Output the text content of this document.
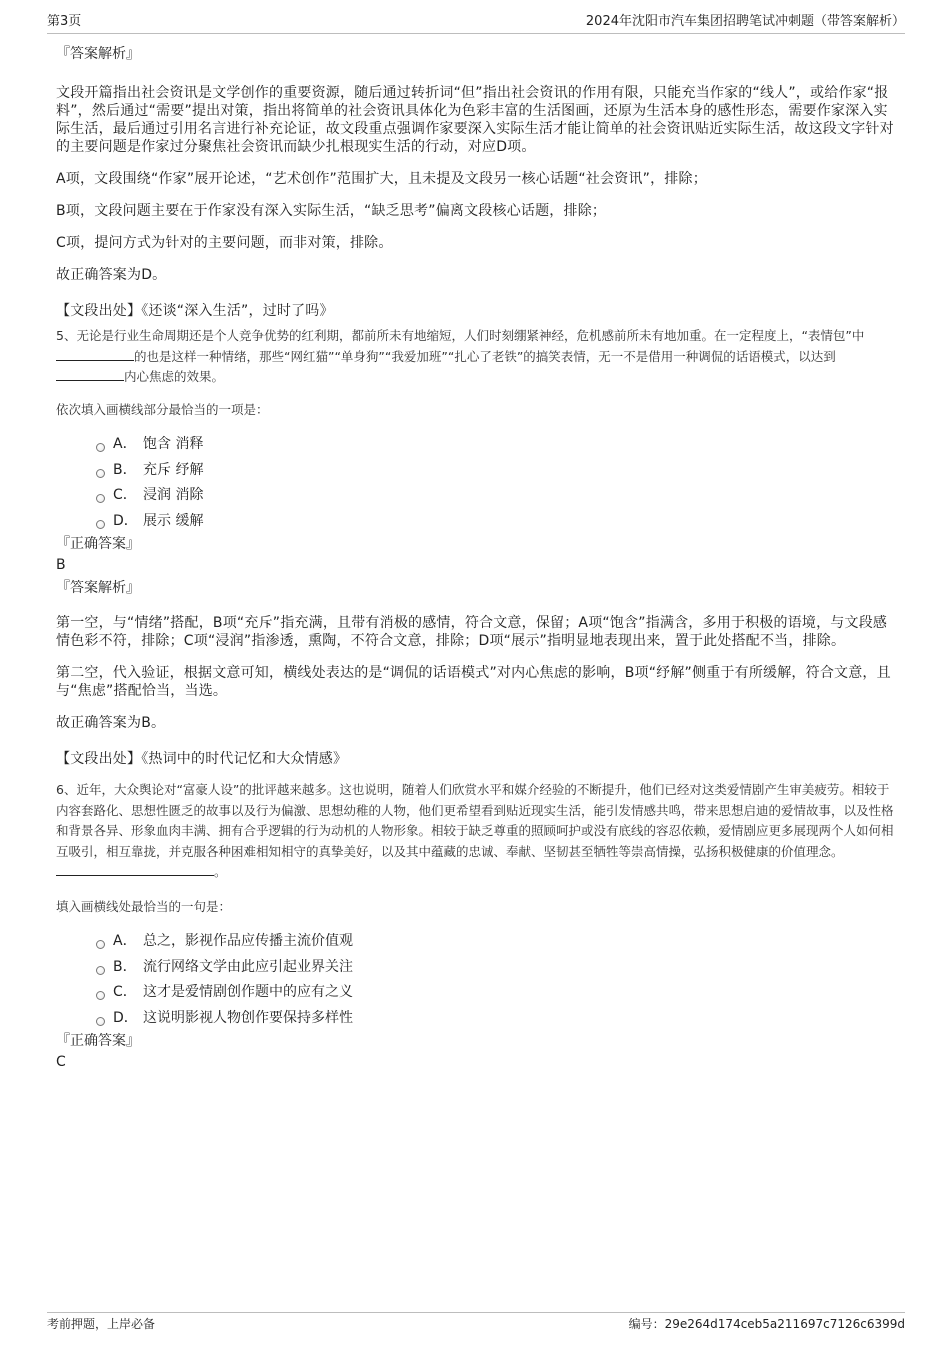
第3页	2024年沈阳市汽车集团招聘笔试冲刺题（带答案解析）
『答案解析』

文段开篇指出社会资讯是文学创作的重要资源，随后通过转折词“但”指出社会资讯的作用有限，只能充当作家的“线人”，或给作家“报料”，然后通过“需要”提出对策，指出将简单的社会资讯具体化为色彩丰富的生活图画，还原为生活本身的感性形态，需要作家深入实际生活，最后通过引用名言进行补充论证，故文段重点强调作家要深入实际生活才能让简单的社会资讯贴近实际生活，故这段文字针对的主要问题是作家过分聚焦社会资讯而缺少扎根现实生活的行动，对应D项。

A项，文段围绕“作家”展开论述，“艺术创作”范围扩大，且未提及文段另一核心话题“社会资讯”，排除；

B项，文段问题主要在于作家没有深入实际生活，“缺乏思考”偏离文段核心话题，排除；

C项，提问方式为针对的主要问题，而非对策，排除。

故正确答案为D。

【文段出处】《还谈“深入生活”，过时了吗》

5、无论是行业生命周期还是个人竞争优势的红利期，都前所未有地缩短，人们时刻绷紧神经，危机感前所未有地加重。在一定程度上，“表情包”中的也是这样一种情绪，那些“网红猫”“单身狗”“我爱加班”“扎心了老铁”的搞笑表情，无一不是借用一种调侃的话语模式，以达到内心焦虑的效果。

依次填入画横线部分最恰当的一项是：

A． 饱含 消释
B． 充斥 纾解
C． 浸润 消除
D． 展示 缓解
『正确答案』
B
『答案解析』

第一空，与“情绪”搭配，B项“充斥”指充满，且带有消极的感情，符合文意，保留；A项“饱含”指满含，多用于积极的语境，与文段感情色彩不符，排除；C项“浸润”指渗透，熏陶，不符合文意，排除；D项“展示”指明显地表现出来，置于此处搭配不当，排除。

第二空，代入验证，根据文意可知，横线处表达的是“调侃的话语模式”对内心焦虑的影响，B项“纾解”侧重于有所缓解，符合文意，且与“焦虑”搭配恰当，当选。

故正确答案为B。

【文段出处】《热词中的时代记忆和大众情感》

6、近年，大众舆论对“富豪人设”的批评越来越多。这也说明，随着人们欣赏水平和媒介经验的不断提升，他们已经对这类爱情剧产生审美疲劳。相较于内容套路化、思想性匮乏的故事以及行为偏激、思想幼稚的人物，他们更希望看到贴近现实生活，能引发情感共鸣，带来思想启迪的爱情故事，以及性格和背景各异、形象血肉丰满、拥有合乎逻辑的行为动机的人物形象。相较于缺乏尊重的照顾呵护或没有底线的容忍依赖，爱情剧应更多展现两个人如何相互吸引，相互靠拢，并克服各种困难相知相守的真挚美好，以及其中蕴藏的忠诚、奉献、坚韧甚至牺牲等崇高情操，弘扬积极健康的价值理念。 。

填入画横线处最恰当的一句是：

A． 总之，影视作品应传播主流价值观
B． 流行网络文学由此应引起业界关注
C． 这才是爱情剧创作题中的应有之义
D． 这说明影视人物创作要保持多样性
『正确答案』
C
考前押题，上岸必备	编号：29e264d174ceb5a211697c7126c6399d
